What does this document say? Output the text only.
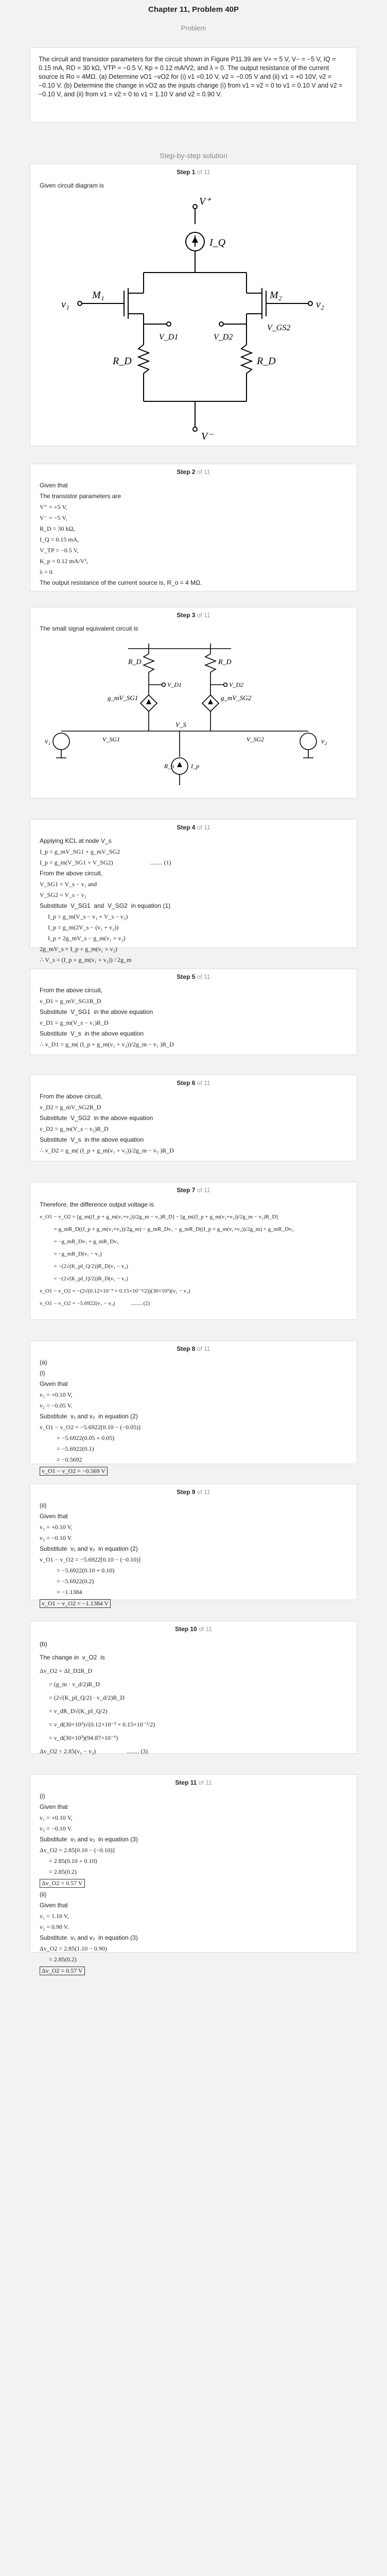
Chapter 11, Problem 40P
Problem
The circuit and transistor parameters for the circuit shown in Figure P11.39 are V+ = 5 V, V− = −5 V, IQ = 0.15 mA, RD = 30 kΩ, VTP = −0.5 V, Kp = 0.12 mA/V2, and λ = 0. The output resistance of the current source is Ro = 4MΩ. (a) Determine vO1 −vO2 for (i) v1 =0.10 V, v2 = −0.05 V and (ii) v1 = +0 10V, v2 = −0.10 V. (b) Determine the change in vO2 as the inputs change (i) from v1 = v2 = 0 to v1 = 0.10 V and v2 = −0.10 V, and (ii) from v1 = v2 = 0 to v1 = 1.10 V and v2 = 0.90 V.
Step-by-step solution
Step 1 of 11

Given circuit diagram is

V⁺
I_Q
v₁	v₂
M₁	M₂
V_GS2
V_D1	V_D2
R_D	R_D
V⁻
Step 2 of 11

Given that

The transistor parameters are

V⁺ = +5 V,

V⁻ = −5 V,

R_D = 30 kΩ,

I_Q = 0.15 mA,

V_TP = −0.5 V,

K_p = 0.12 mA/V²,

λ = 0.

The output resistance of the current source is, R_o = 4 MΩ.

Step 3 of 11

The small signal equivalent circuit is

R_D	R_D
V_D1	V_D2
g_mV_SG1	g_mV_SG2
V_SG1	V_SG2
V_S
v₁	v₂
R_o	I_p
Step 4 of 11

Applying KCL at node V_s

I_p = g_mV_SG1 + g_mV_SG2

I_p = g_m(V_SG1 + V_SG2)                        ........ (1)

From the above circuit,

V_SG1 = V_s − v₁ and

V_SG2 = V_s − v₂

Substitute  V_SG1  and  V_SG2  in equation (1)

I_p = g_m(V_s − v₁ + V_s − v₂)

I_p = g_m(2V_s − (v₁ + v₂))

I_p = 2g_mV_s − g_m(v₁ + v₂)

2g_mV_s = I_p + g_m(v₁ + v₂)

∴ V_s = (I_p + g_m(v₁ + v₂)) / 2g_m

Step 5 of 11

From the above circuit,

v_D1 = g_mV_SG1R_D

Substitute  V_SG1  in the above equation

v_D1 = g_m(V_s − v₁)R_D

Substitute  V_s  in the above equation

∴ v_D1 = g_m( (I_p + g_m(v₁ + v₂))/2g_m − v₁ )R_D

Step 6 of 11

From the above circuit,

v_D2 = g_mV_SG2R_D

Substitute  V_SG2  in the above equation

v_D2 = g_m(V_s − v₂)R_D

Substitute  V_s  in the above equation

∴ v_D2 = g_m( (I_p + g_m(v₁ + v₂))/2g_m − v₂ )R_D

Step 7 of 11

Therefore, the difference output voltage is

v_O1 − v_O2 = [g_m((I_p + g_m(v₁+v₂))/2g_m − v₁)R_D] − [g_m((I_p + g_m(v₁+v₂))/2g_m − v₂)R_D]

= g_mR_D((I_p + g_m(v₁+v₂))/2g_m) − g_mR_Dv₁ − g_mR_D((I_p + g_m(v₁+v₂))/2g_m) + g_mR_Dv₂

= −g_mR_Dv₁ + g_mR_Dv₂

= −g_mR_D(v₁ − v₂)

= −(2√(K_pI_Q/2))R_D(v₁ − v₂)

= −(2√(K_pI_Q/2))R_D(v₁ − v₂)

v_O1 − v_O2 = −(2√(0.12×10⁻³ × 0.15×10⁻³/2))(30×10³)(v₁ − v₂)

v_O1 − v_O2 = −5.6922(v₁ − v₂)           ........ (2)

Step 8 of 11

(a)

(i)

Given that

v₁ = +0.10 V,

v₂ = −0.05 V.

Substitute  v₁ and v₂  in equation (2)

v_O1 − v_O2 = −5.6922[0.10 − (−0.05)]

= −5.6922(0.05 + 0.05)

= −5.6922(0.1)

= −0.5692

v_O1 − v_O2 = −0.569 V

Step 9 of 11

(ii)

Given that

v₁ = +0.10 V,

v₂ = −0.10 V.

Substitute  v₁ and v₂  in equation (2)

v_O1 − v_O2 = −5.6922[0.10 − (−0.10)]

= −5.6922(0.10 + 0.10)

= −5.6922(0.2)

= −1.1384

v_O1 − v_O2 = −1.1384 V

Step 10 of 11

(b)

The change in  v_O2  is

Δv_O2 = ΔI_D2R_D

= (g_m · v_d/2)R_D

= (2√(K_pI_Q/2) · v_d/2)R_D

= v_dR_D√(K_pI_Q/2)

= v_d(30×10³)√(0.12×10⁻³ × 0.15×10⁻³/2)

= v_d(30×10³)(94.87×10⁻⁶)

Δv_O2 = 2.85(v₁ − v₂)                    ........ (3)

Step 11 of 11

(i)

Given that

v₁ = +0.10 V,

v₂ = −0.10 V.

Substitute  v₁ and v₂  in equation (3)

Δv_O2 = 2.85[0.10 − (−0.10)]

= 2.85(0.10 + 0.10)

= 2.85(0.2)

Δv_O2 = 0.57 V

(ii)

Given that

v₁ = 1.10 V,

v₂ = 0.90 V.

Substitute  v₁ and v₂  in equation (3)

Δv_O2 = 2.85(1.10 − 0.90)

= 2.85(0.2)

Δv_O2 = 0.57 V
